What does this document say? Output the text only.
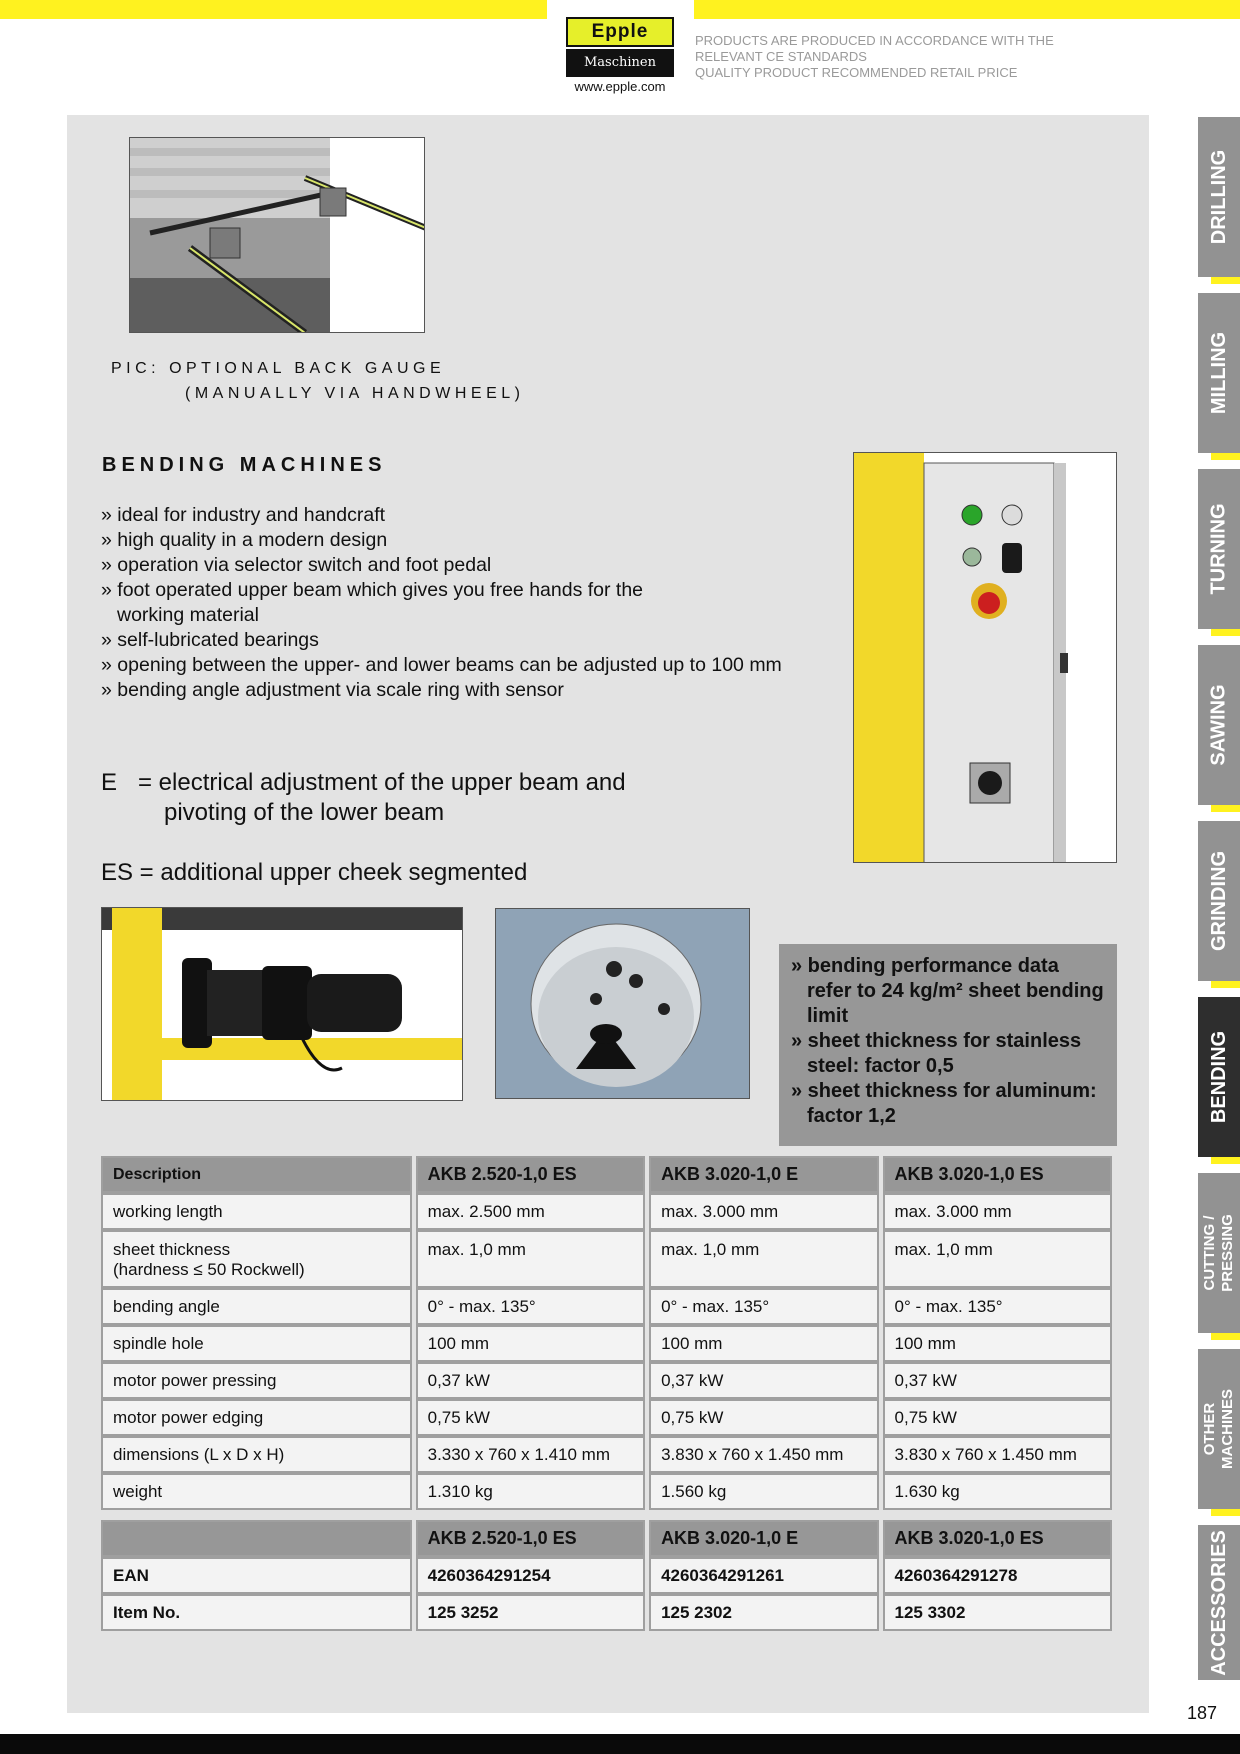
Epple
Maschinen
www.epple.com
PRODUCTS ARE PRODUCED IN ACCORDANCE WITH THE
RELEVANT CE STANDARDS
QUALITY PRODUCT RECOMMENDED RETAIL PRICE
PIC: OPTIONAL BACK GAUGE
(MANUALLY VIA HANDWHEEL)
BENDING MACHINES
» ideal for industry and handcraft
» high quality in a modern design
» operation via selector switch and foot pedal
» foot operated upper beam which gives you free hands for the working material
» self-lubricated bearings
» opening between the upper- and lower beams can be adjusted up to 100 mm
» bending angle adjustment via scale ring with sensor
E = electrical adjustment of the upper beam and
pivoting of the lower beam
ES = additional upper cheek segmented

» bending performance data refer to 24 kg/m² sheet bending limit

» sheet thickness for stainless steel: factor 0,5

» sheet thickness for aluminum: factor 1,2

Description	AKB 2.520-1,0 ES	AKB 3.020-1,0 E	AKB 3.020-1,0 ES
working length	max. 2.500 mm	max. 3.000 mm	max. 3.000 mm

sheet thickness
(hardness ≤ 50 Rockwell)	max. 1,0 mm	max. 1,0 mm	max. 1,0 mm
bending angle	0° - max. 135°	0° - max. 135°	0° - max. 135°
spindle hole	100 mm	100 mm	100 mm
motor power pressing	0,37 kW	0,37 kW	0,37 kW
motor power edging	0,75 kW	0,75 kW	0,75 kW
dimensions (L x D x H)	3.330 x 760 x 1.410 mm	3.830 x 760 x 1.450 mm	3.830 x 760 x 1.450 mm
weight	1.310 kg	1.560 kg	1.630 kg
	AKB 2.520-1,0 ES	AKB 3.020-1,0 E	AKB 3.020-1,0 ES
EAN	4260364291254	4260364291261	4260364291278
Item No.	125 3252	125 2302	125 3302
DRILLING
MILLING
TURNING
SAWING
GRINDING
BENDING
CUTTING /
PRESSING
OTHER
MACHINES
ACCESSORIES
187
